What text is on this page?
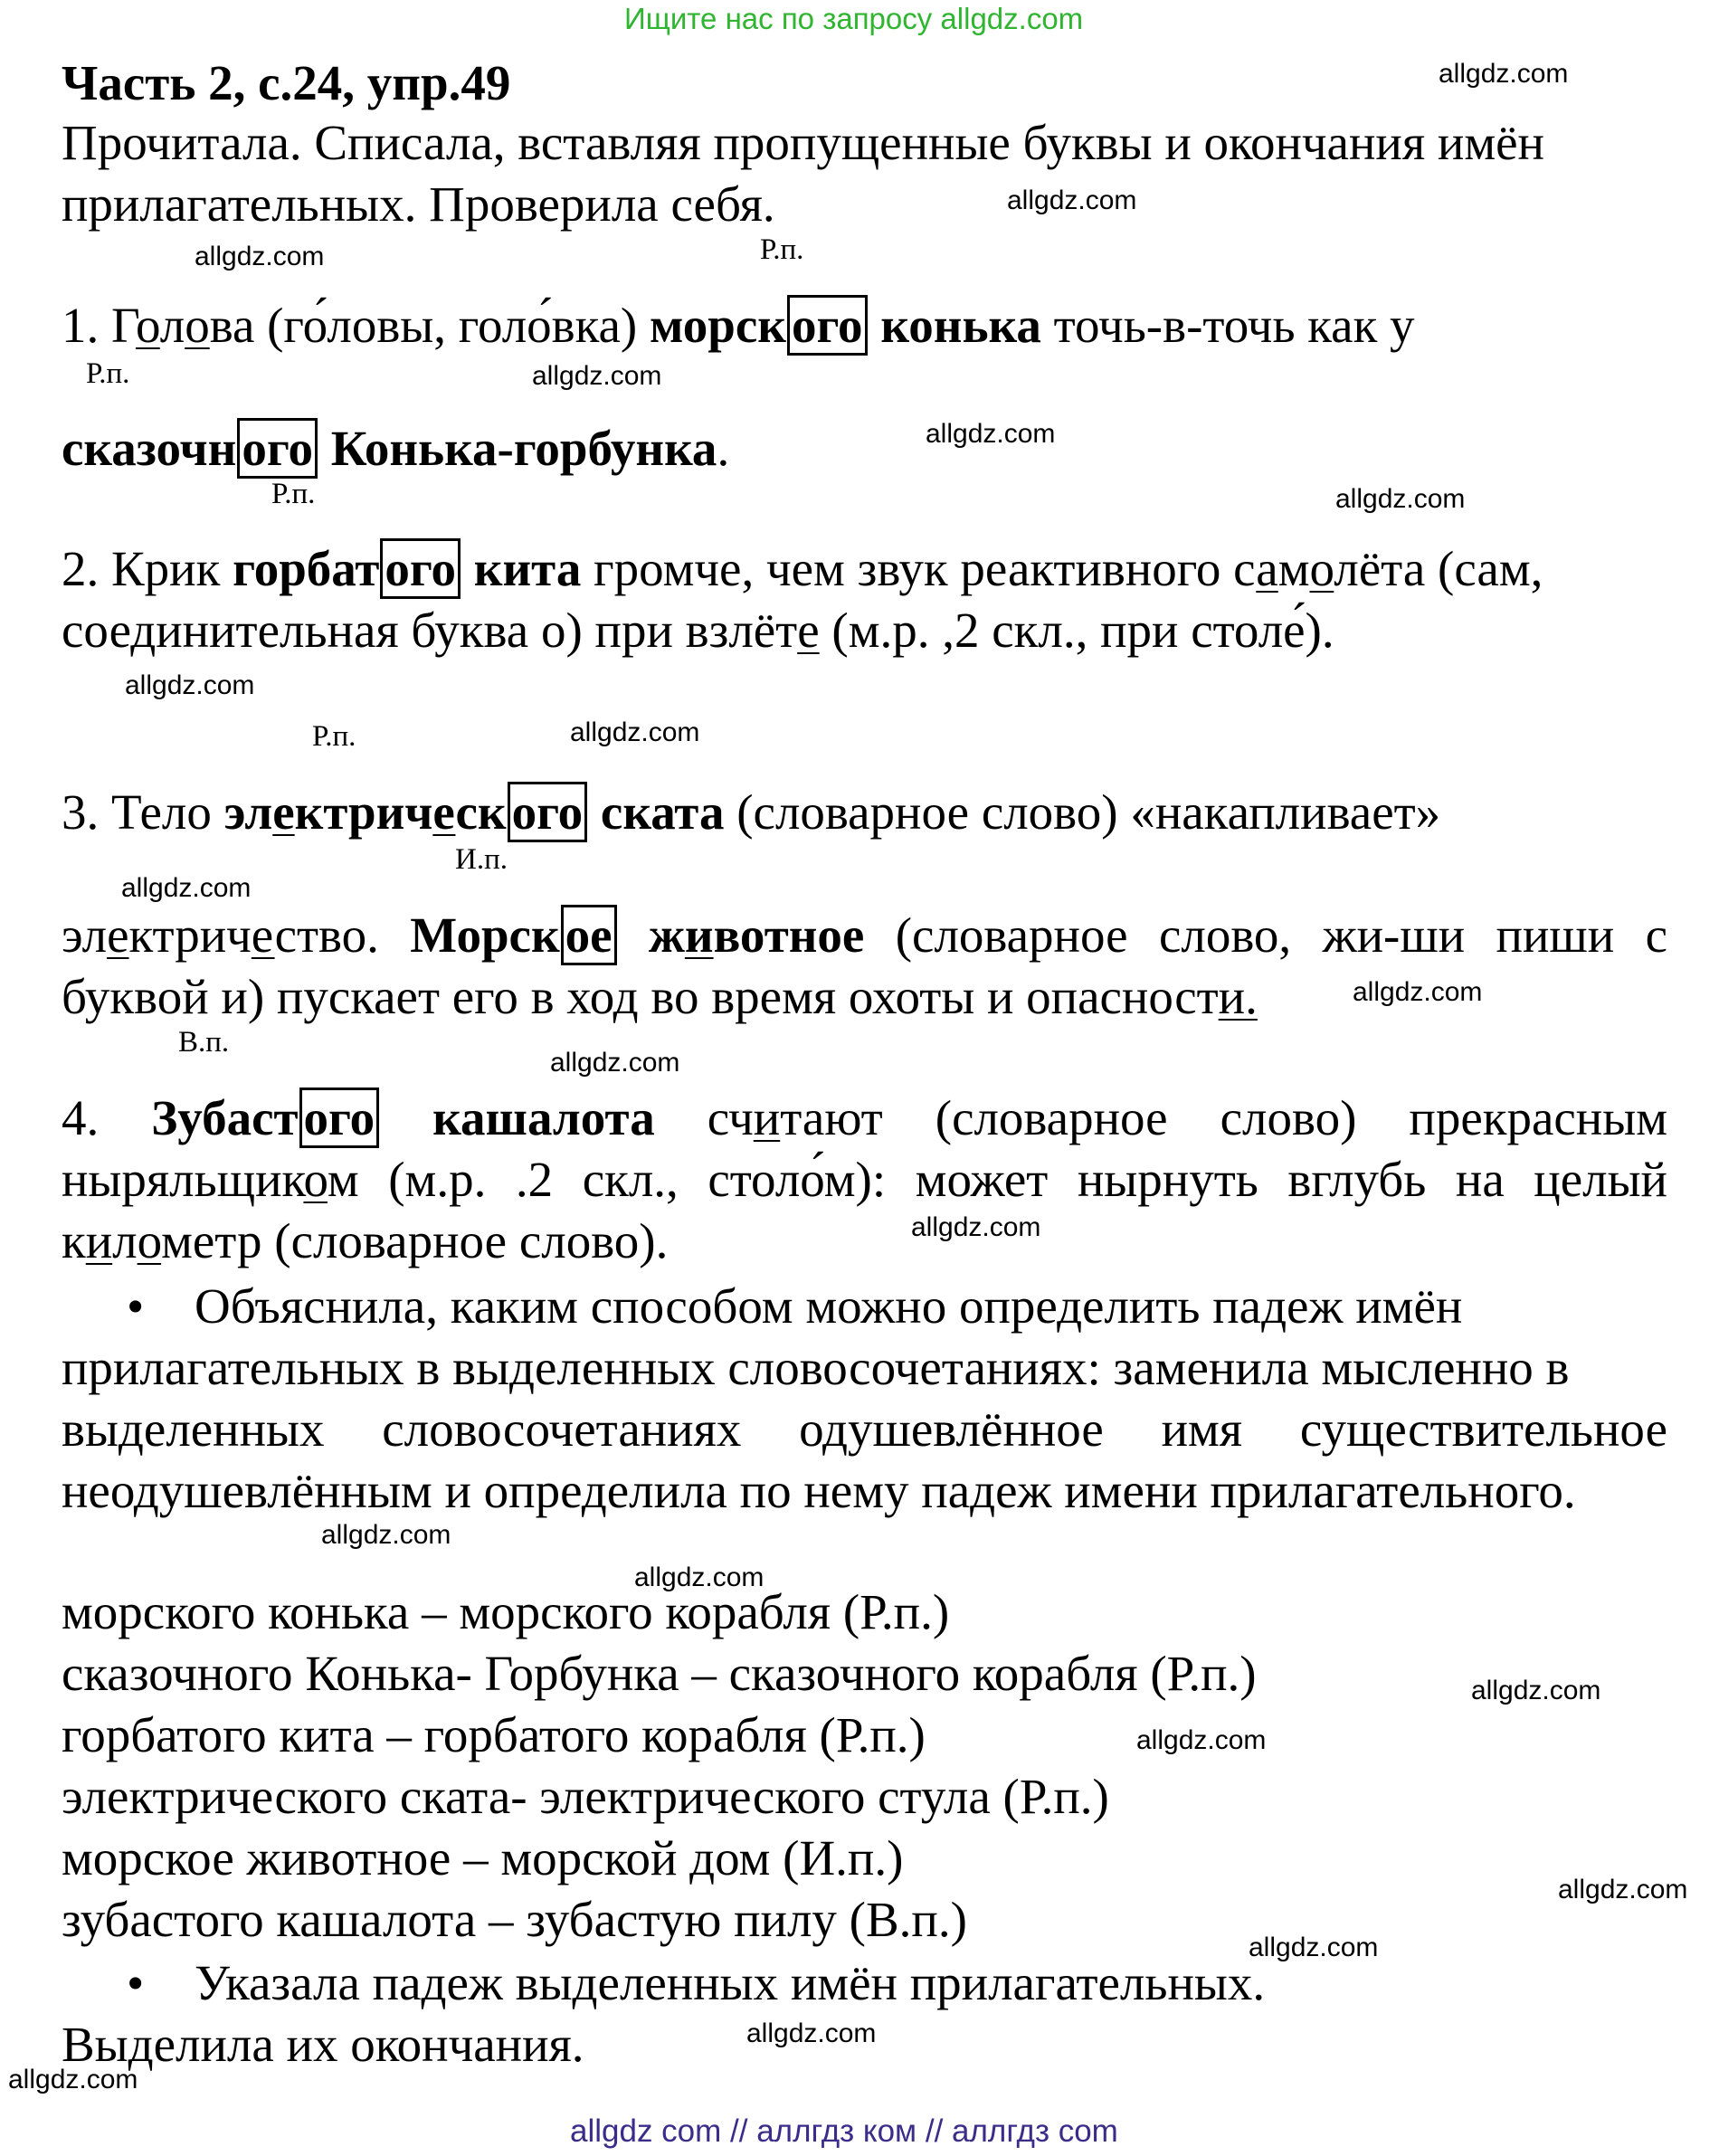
Ищите нас по запросу allgdz.com
Часть 2, с.24, упр.49
Прочитала. Списала, вставляя пропущенные буквы и окончания имён
прилагательных. Проверила себя.
Р.п.
1. Голова (го́ловы, голо́вка) морск ого конька точь-в-точь как у
Р.п.
сказочн ого Конька-горбунка.
Р.п.
2. Крик горбат ого кита громче, чем звук реактивного самолёта (сам,
соединительная буква о) при взлёте (м.р. ,2 скл., при столе́).
Р.п.
3. Тело электрическ ого ската (словарное слово) «накапливает»
И.п.
электричество. Морск ое животное (словарное слово, жи-ши пиши с
буквой и) пускает его в ход во время охоты и опасности.
В.п.
4. Зубаст ого кашалота считают (словарное слово) прекрасным
ныряльщиком (м.р. .2 скл., столо́м): может нырнуть вглубь на целый
километр (словарное слово).
• Объяснила, каким способом можно определить падеж имён
прилагательных в выделенных словосочетаниях: заменила мысленно в
выделенных словосочетаниях одушевлённое имя существительное
неодушевлённым и определила по нему падеж имени прилагательного.
морского конька – морского корабля (Р.п.)
сказочного Конька- Горбунка – сказочного корабля (Р.п.)
горбатого кита – горбатого корабля (Р.п.)
электрического ската- электрического стула (Р.п.)
морское животное – морской дом (И.п.)
зубастого кашалота – зубастую пилу (В.п.)
• Указала падеж выделенных имён прилагательных.
Выделила их окончания.
allgdz.com
allgdz.com
allgdz.com
allgdz.com
allgdz.com
allgdz.com
allgdz.com
allgdz.com
allgdz.com
allgdz.com
allgdz.com
allgdz.com
allgdz.com
allgdz.com
allgdz.com
allgdz.com
allgdz.com
allgdz.com
allgdz.com
allgdz.com
allgdz com // аллгдз ком // аллгдз com
